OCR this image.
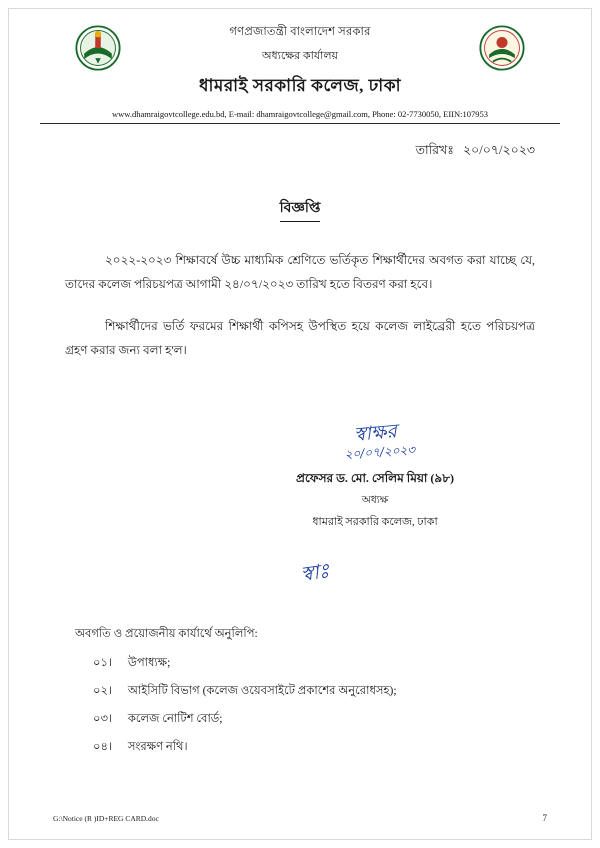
গণপ্রজাতন্ত্রী বাংলাদেশ সরকার
অধ্যক্ষের কার্যালয়
ধামরাই সরকারি কলেজ, ঢাকা
www.dhamraigovtcollege.edu.bd, E-mail: dhamraigovtcollege@gmail.com, Phone: 02-7730050, EIIN:107953
তারিখঃ ২০/০৭/২০২৩
বিজ্ঞপ্তি

২০২২-২০২৩ শিক্ষাবর্ষে উচ্চ মাধ্যমিক শ্রেণিতে ভর্তিকৃত শিক্ষার্থীদের অবগত করা যাচ্ছে যে, তাদের কলেজ পরিচয়পত্র আগামী ২৪/০৭/২০২৩ তারিখ হতে বিতরণ করা হবে।

শিক্ষার্থীদের ভর্তি ফরমের শিক্ষার্থী কপিসহ উপস্থিত হয়ে কলেজ লাইব্রেরী হতে পরিচয়পত্র গ্রহণ করার জন্য বলা হ'ল।

স্বাক্ষর
২০/০৭/২০২৩
প্রফেসর ড. মো. সেলিম মিয়া (৯৮)
অধ্যক্ষ
ধামরাই সরকারি কলেজ, ঢাকা
স্বাঃ
অবগতি ও প্রয়োজনীয় কার্যার্থে অনুলিপি:
০১। উপাধ্যক্ষ;
০২। আইসিটি বিভাগ (কলেজ ওয়েবসাইটে প্রকাশের অনুরোধসহ);
০৩। কলেজ নোটিশ বোর্ড;
০৪। সংরক্ষণ নথি।
G:\Notice (R )ID+REG CARD.doc	7
